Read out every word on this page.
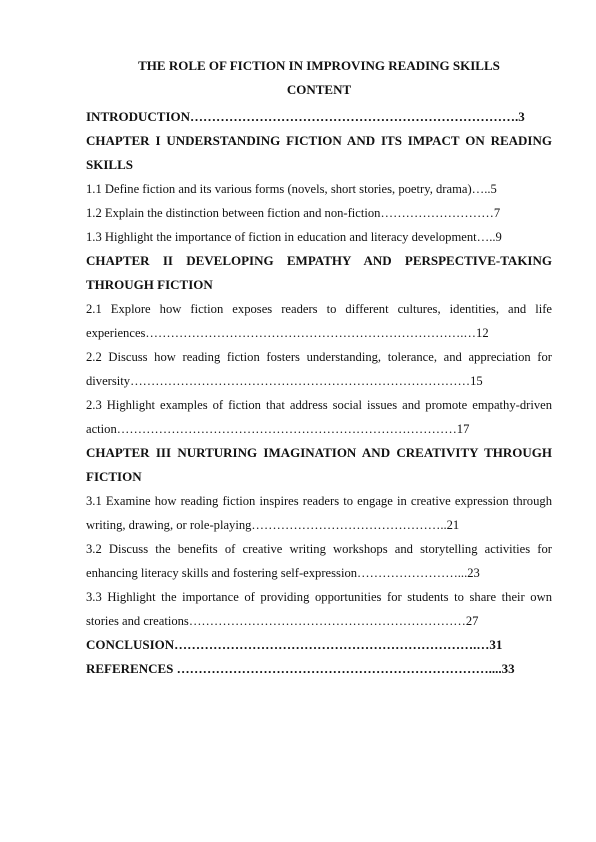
THE ROLE OF FICTION IN IMPROVING READING SKILLS
CONTENT
INTRODUCTION………………………………………………………………….3
CHAPTER I UNDERSTANDING FICTION AND ITS IMPACT ON READING SKILLS
1.1 Define fiction and its various forms (novels, short stories, poetry, drama)…..5
1.2 Explain the distinction between fiction and non-fiction………………………7
1.3 Highlight the importance of fiction in education and literacy development…..9
CHAPTER II DEVELOPING EMPATHY AND PERSPECTIVE-TAKING THROUGH FICTION
2.1 Explore how fiction exposes readers to different cultures, identities, and life experiences………………………………………………………………….…12
2.2 Discuss how reading fiction fosters understanding, tolerance, and appreciation for diversity………………………………………………………………………15
2.3 Highlight examples of fiction that address social issues and promote empathy-driven action………………………………………………………………………17
CHAPTER III NURTURING IMAGINATION AND CREATIVITY THROUGH FICTION
3.1 Examine how reading fiction inspires readers to engage in creative expression through writing, drawing, or role-playing………………………………………..21
3.2 Discuss the benefits of creative writing workshops and storytelling activities for enhancing literacy skills and fostering self-expression……………………...23
3.3 Highlight the importance of providing opportunities for students to share their own stories and creations…………………………………………………………27
CONCLUSION…………………………………………………………….…31
REFERENCES ………………………………………………………………....33
